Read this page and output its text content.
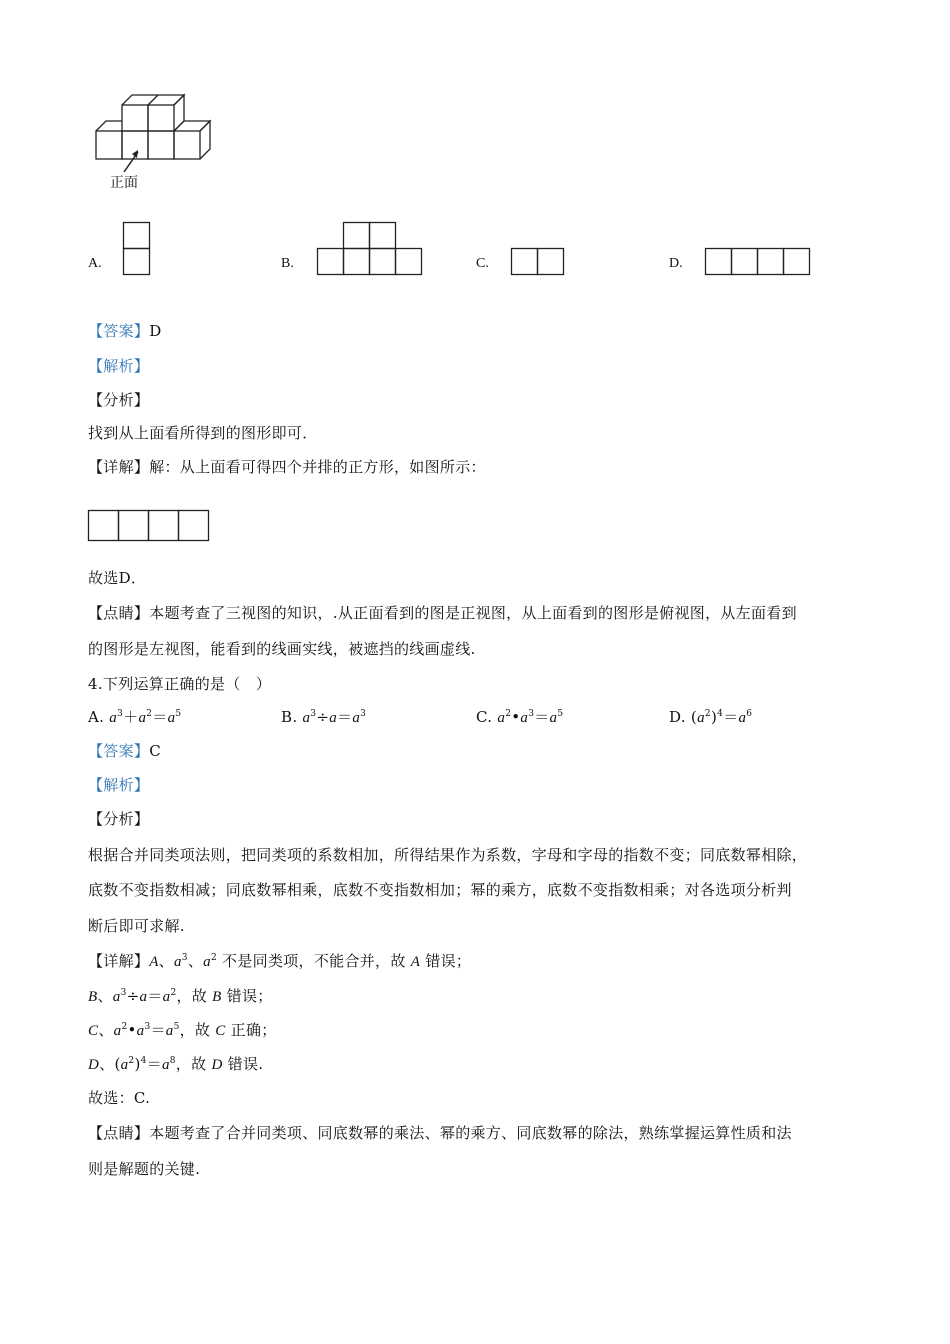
正面
A.	B.	C.	D.
【答案】D
【解析】
【分析】
找到从上面看所得到的图形即可．
【详解】解：从上面看可得四个并排的正方形，如图所示：
故选D．
【点睛】本题考查了三视图的知识，.从正面看到的图是正视图，从上面看到的图形是俯视图，从左面看到
的图形是左视图，能看到的线画实线，被遮挡的线画虚线.
4.下列运算正确的是（　）
A. $a^3+a^2=a^5$	B. $a^3\div a=a^3$	C. $a^2•a^3=a^5$	D. $(a^2)^4=a^6$
【答案】C
【解析】
【分析】
根据合并同类项法则，把同类项的系数相加，所得结果作为系数，字母和字母的指数不变；同底数幂相除，
底数不变指数相减；同底数幂相乘，底数不变指数相加；幂的乘方，底数不变指数相乘；对各选项分析判
断后即可求解.
【详解】A、$a^3$、$a^2$ 不是同类项，不能合并，故 A 错误；
B、$a^3\div a=a^2$，故 B 错误；
C、$a^2•a^3=a^5$，故 C 正确；
D、$(a^2)^4=a^8$，故 D 错误.
故选：C.
【点睛】本题考查了合并同类项、同底数幂的乘法、幂的乘方、同底数幂的除法，熟练掌握运算性质和法
则是解题的关键.
